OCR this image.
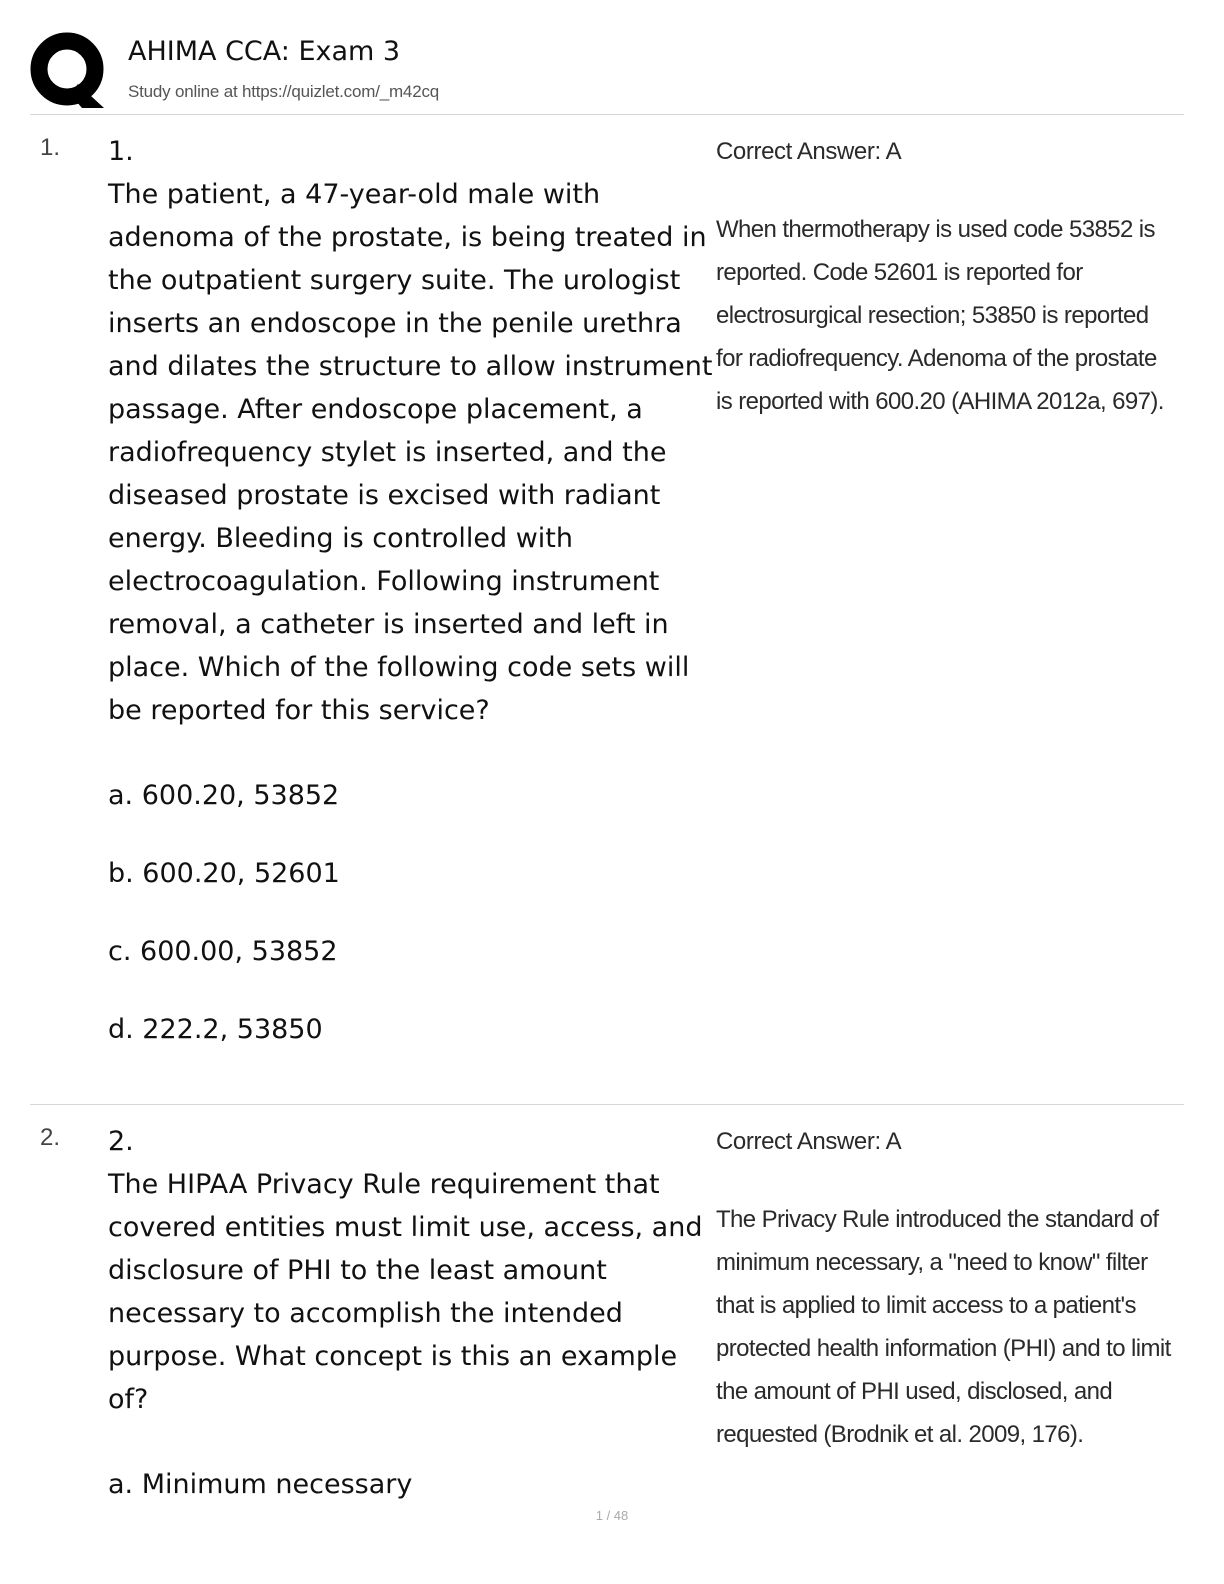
AHIMA CCA: Exam 3
Study online at https://quizlet.com/_m42cq
1. 1.
The patient, a 47-year-old male with adenoma of the prostate, is being treated in the outpatient surgery suite. The urologist inserts an endoscope in the penile urethra and dilates the structure to allow instrument passage. After endoscope placement, a radiofrequency stylet is inserted, and the diseased prostate is excised with radiant energy. Bleeding is controlled with electrocoagulation. Following instrument removal, a catheter is inserted and left in place. Which of the following code sets will be reported for this service?
a. 600.20, 53852
b. 600.20, 52601
c. 600.00, 53852
d. 222.2, 53850
Correct Answer: A
When thermotherapy is used code 53852 is reported. Code 52601 is reported for electrosurgical resection; 53850 is reported for radiofrequency. Adenoma of the prostate is reported with 600.20 (AHIMA 2012a, 697).
2. 2.
The HIPAA Privacy Rule requirement that covered entities must limit use, access, and disclosure of PHI to the least amount necessary to accomplish the intended purpose. What concept is this an example of?
a. Minimum necessary
Correct Answer: A
The Privacy Rule introduced the standard of minimum necessary, a "need to know" filter that is applied to limit access to a patient's protected health information (PHI) and to limit the amount of PHI used, disclosed, and requested (Brodnik et al. 2009, 176).
1 / 48
